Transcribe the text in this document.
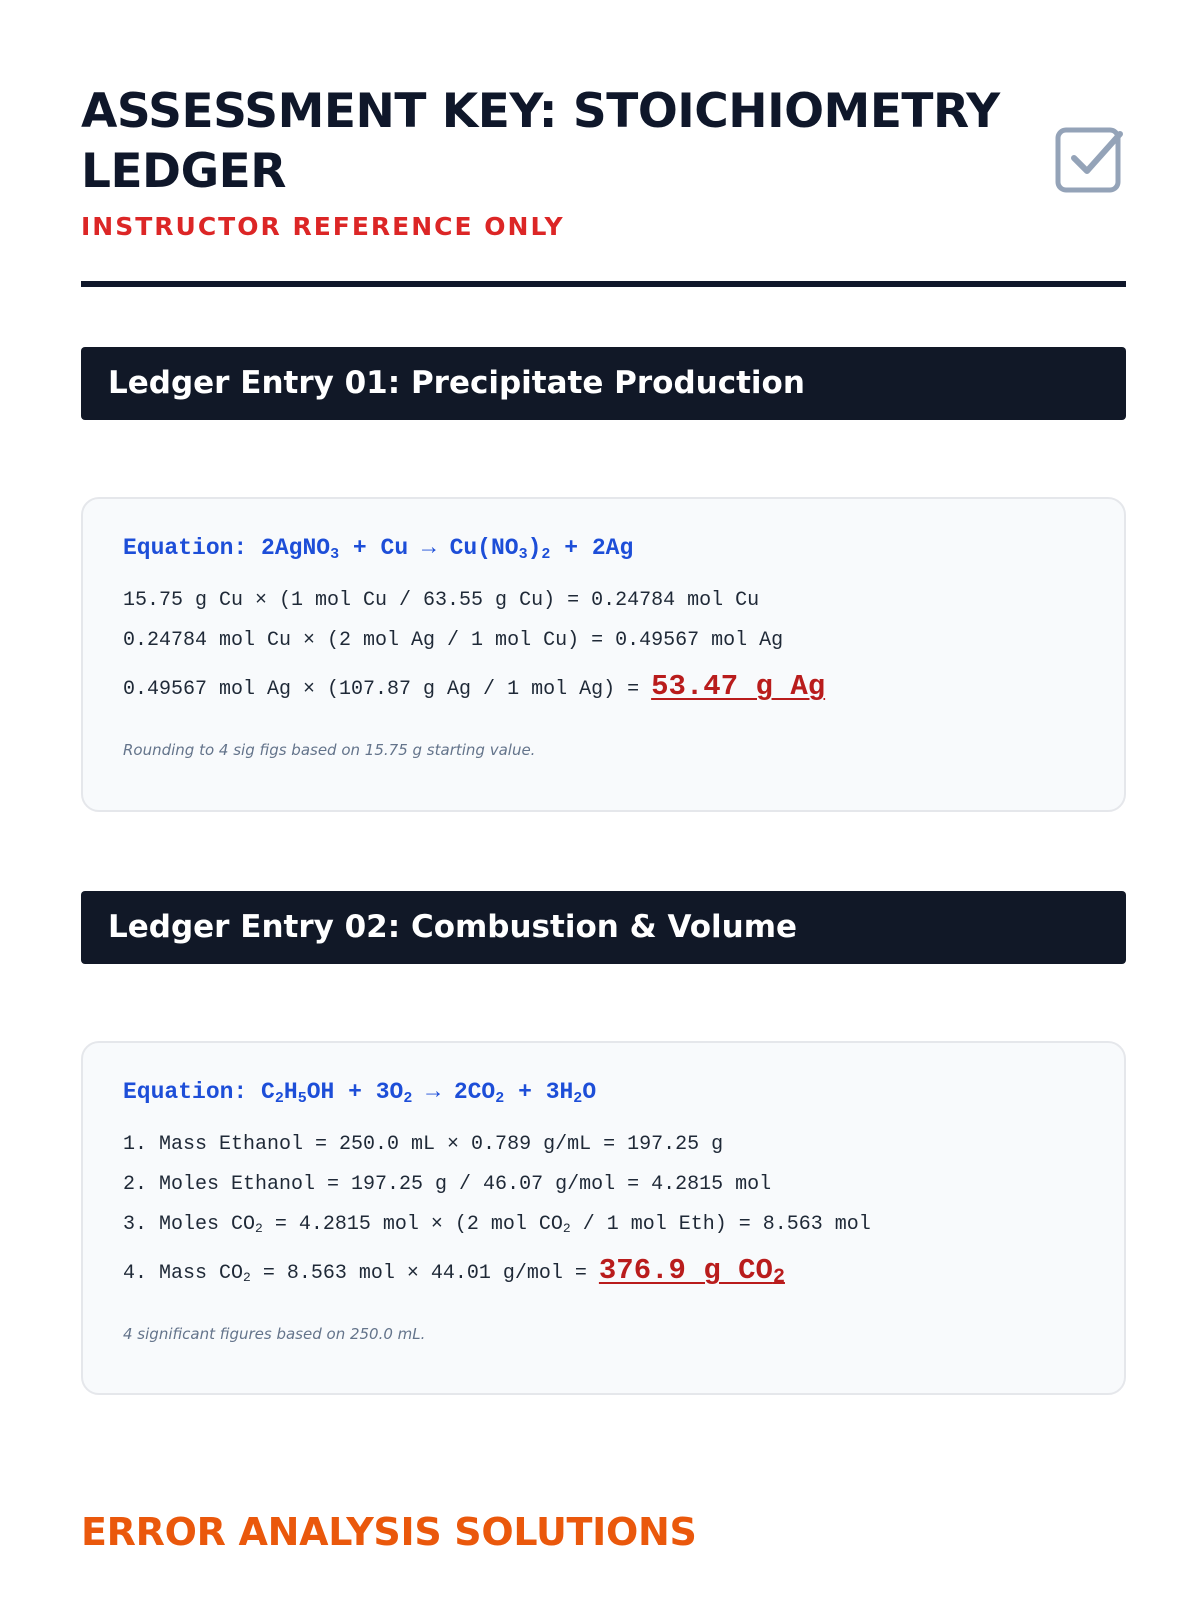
ASSESSMENT KEY: STOICHIOMETRY LEDGER
INSTRUCTOR REFERENCE ONLY
Ledger Entry 01: Precipitate Production
Equation: 2AgNO$_3$ + $Cu \to Cu(NO_3)_2 + 2Ag$
15.75 g Cu × (1 mol Cu / 63.55 g Cu) = 0.24784 mol Cu
0.24784 mol Cu × (2 mol Ag / 1 mol Cu) = 0.49567 mol Ag
0.49567 mol Ag × (107.87 g Ag / 1 mol Ag) = 53.47 g Ag
Rounding to 4 sig figs based on 15.75 g starting value.
Ledger Entry 02: Combustion & Volume
Equation: $C_2H_5OH + 3O_2 \to 2CO_2 + 3H_2O$
1. Mass Ethanol = 250.0 mL × 0.789 g/mL = 197.25 g
2. Moles Ethanol = 197.25 g / 46.07 g/mol = 4.2815 mol
3. Moles $CO_2 = 4.2815$ mol × (2 mol $CO_2 / 1$ mol Eth) = 8.563 mol
4. Mass $CO_2 = 8.563$ mol × 44.01 g/mol = 376.9 g $CO_2$
4 significant figures based on 250.0 mL.
ERROR ANALYSIS SOLUTIONS
